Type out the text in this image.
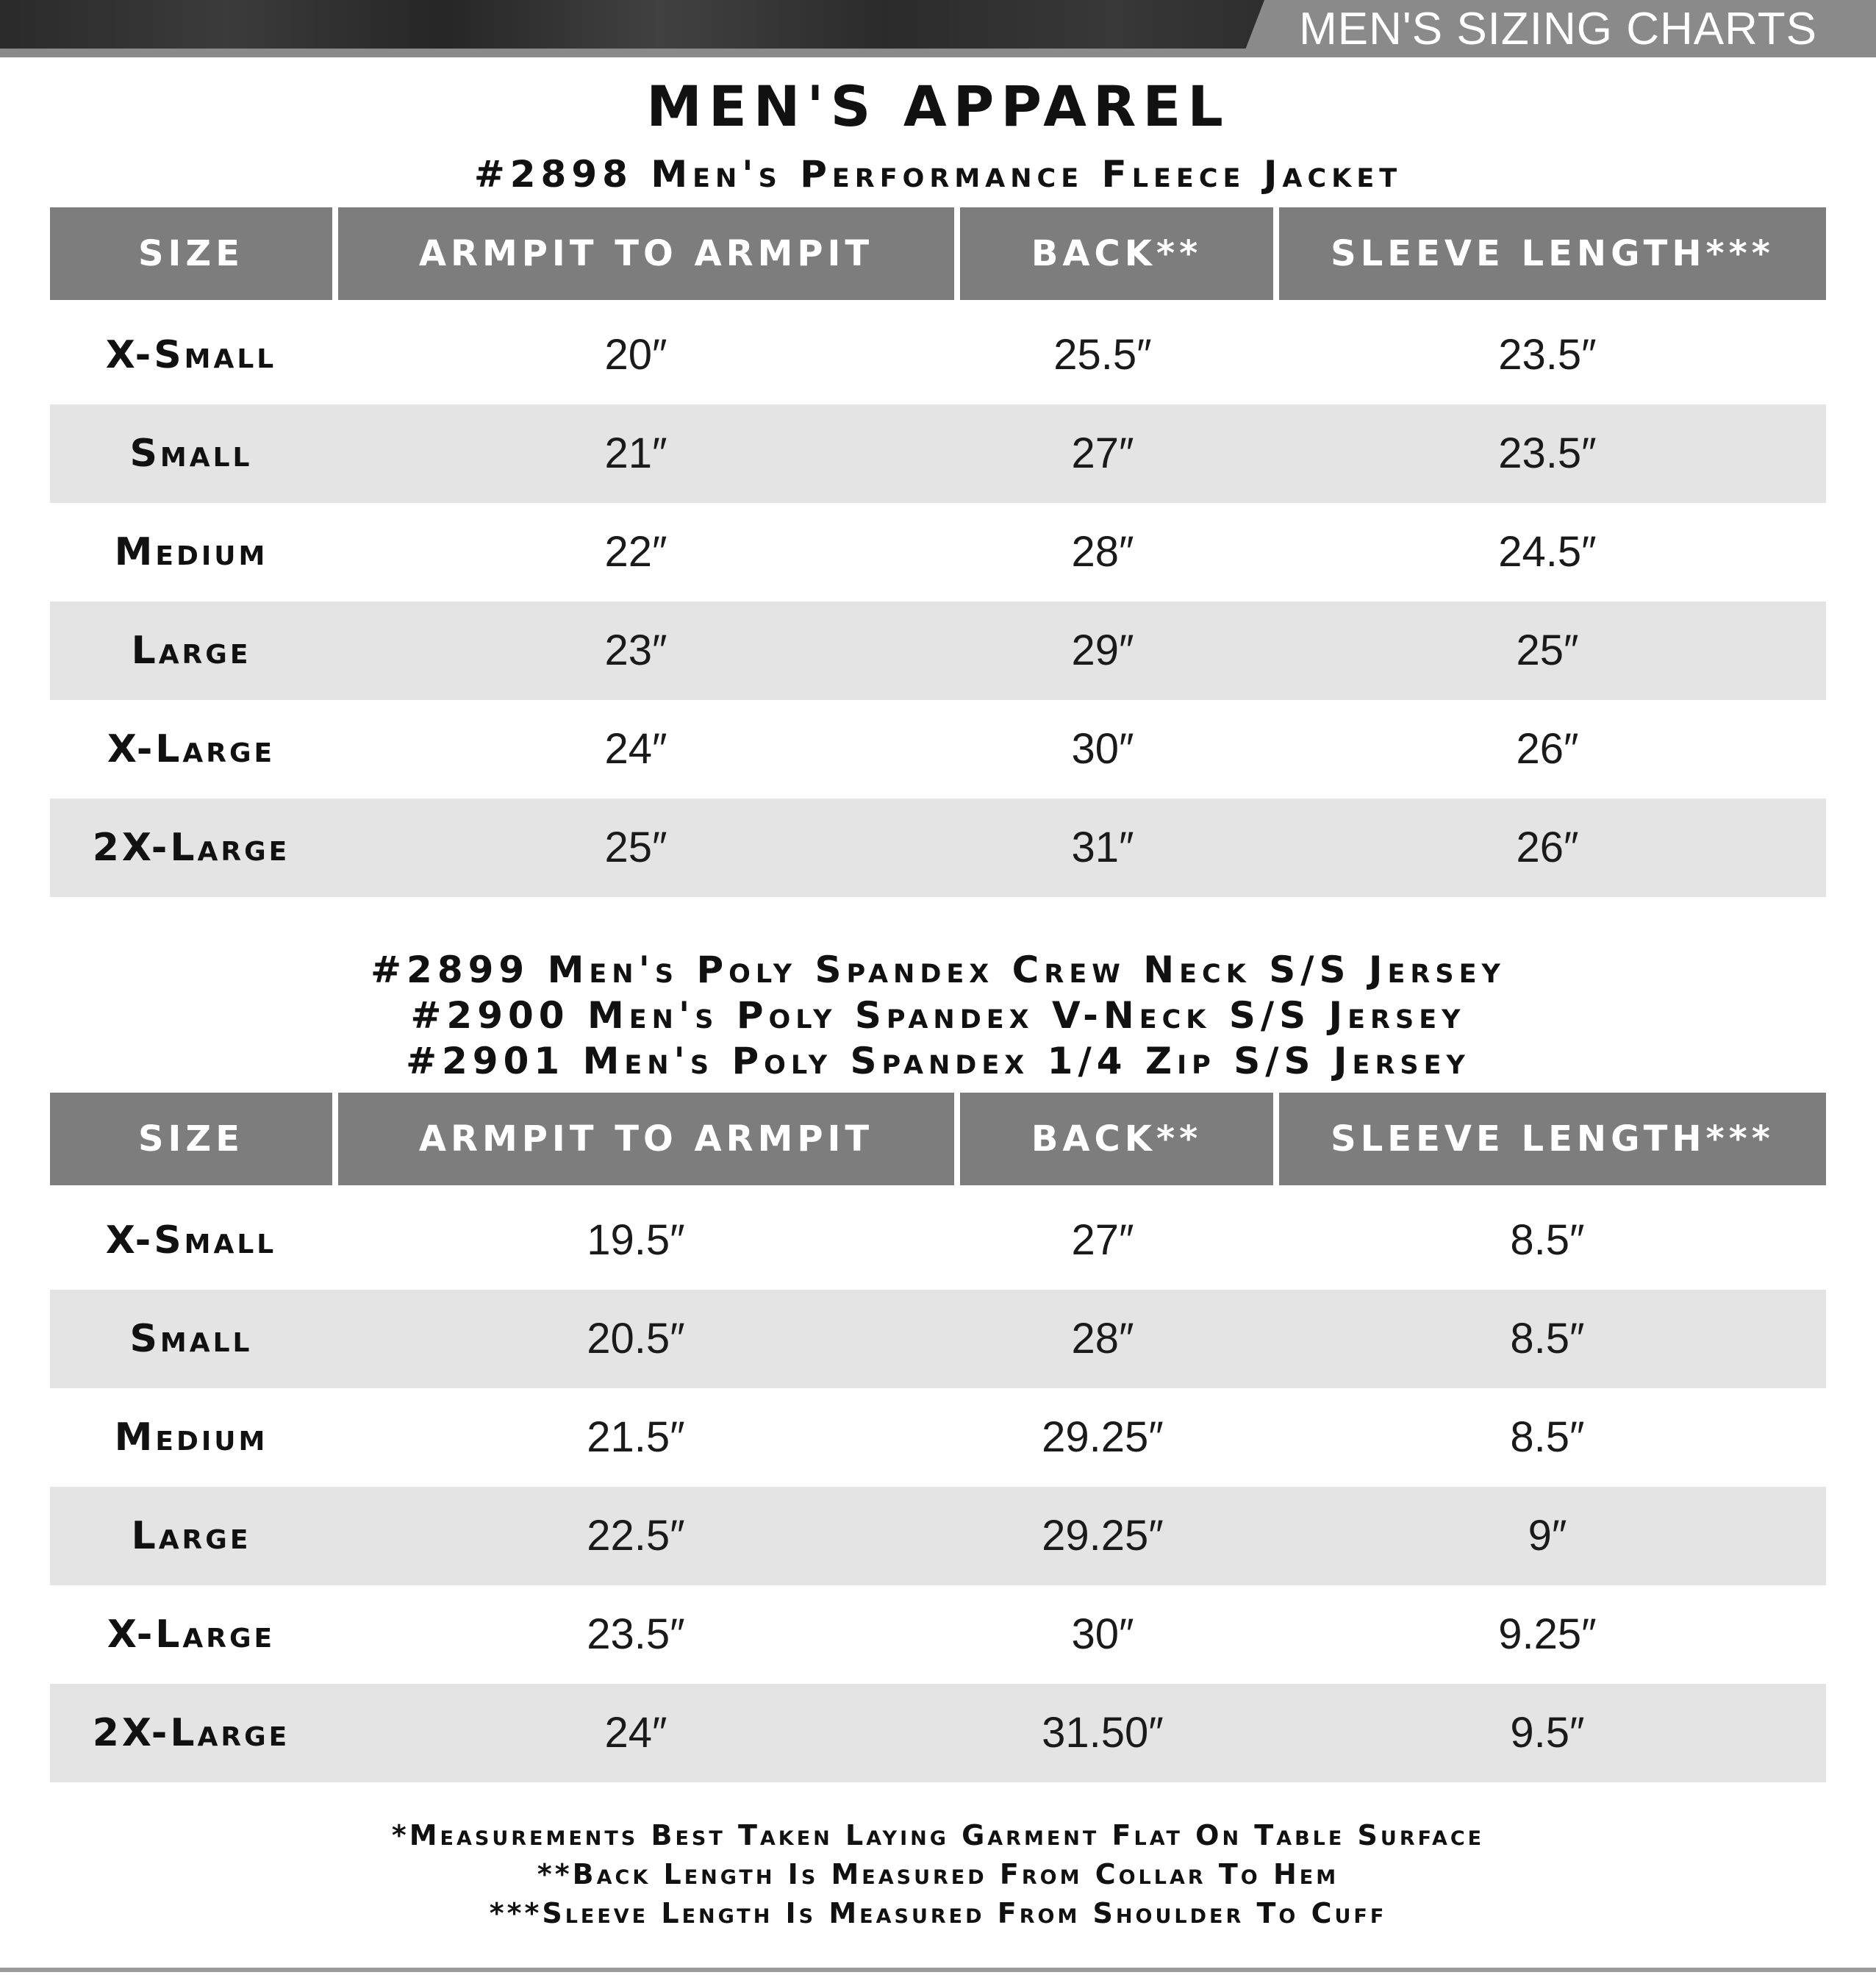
MEN'S SIZING CHARTS
MEN'S APPAREL
#2898 Men's Performance Fleece Jacket
SIZE	ARMPIT TO ARMPIT	BACK**	SLEEVE LENGTH***
X-Small	20″	25.5″	23.5″
Small	21″	27″	23.5″
Medium	22″	28″	24.5″
Large	23″	29″	25″
X-Large	24″	30″	26″
2X-Large	25″	31″	26″
#2899 Men's Poly Spandex Crew Neck S/S Jersey
#2900 Men's Poly Spandex V-Neck S/S Jersey
#2901 Men's Poly Spandex 1/4 Zip S/S Jersey
SIZE	ARMPIT TO ARMPIT	BACK**	SLEEVE LENGTH***
X-Small	19.5″	27″	8.5″
Small	20.5″	28″	8.5″
Medium	21.5″	29.25″	8.5″
Large	22.5″	29.25″	9″
X-Large	23.5″	30″	9.25″
2X-Large	24″	31.50″	9.5″
*Measurements Best Taken Laying Garment Flat On Table Surface
**Back Length Is Measured From Collar To Hem
***Sleeve Length Is Measured From Shoulder To Cuff
